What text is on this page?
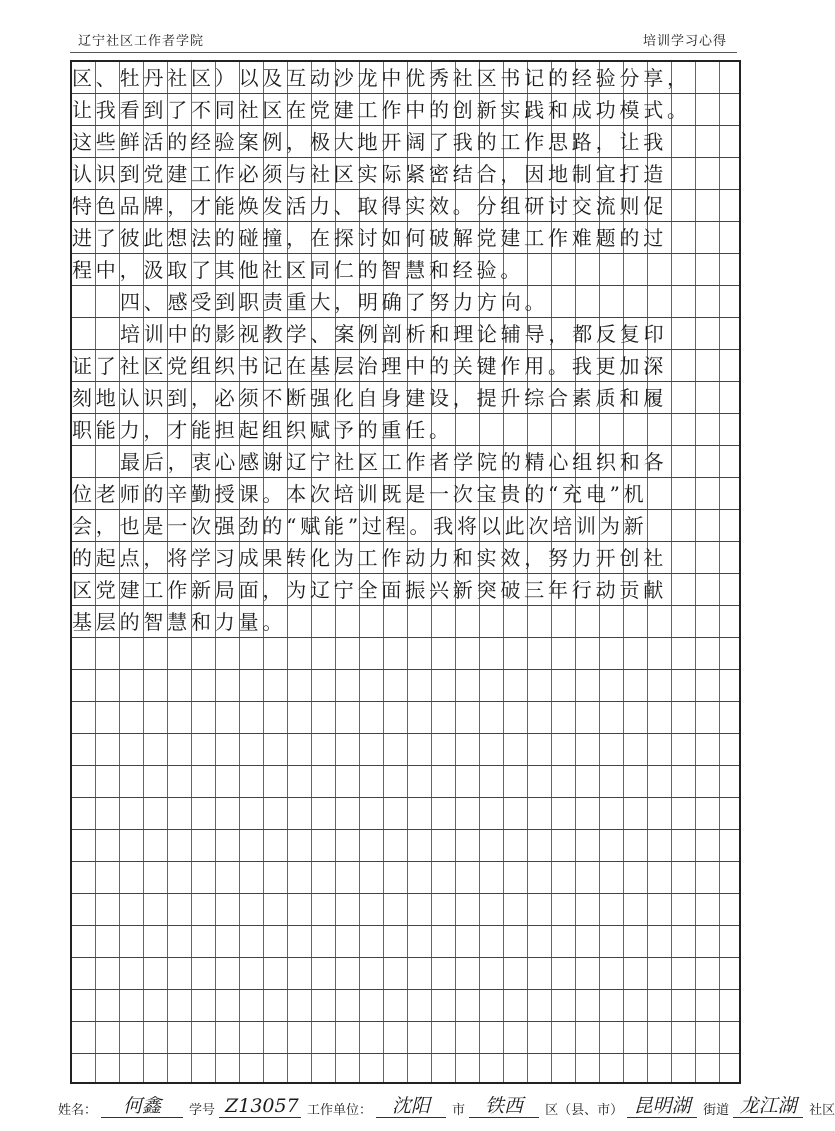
辽宁社区工作者学院	培训学习心得
区、牡丹社区）以及互动沙龙中优秀社区书记的经验分享，
让我看到了不同社区在党建工作中的创新实践和成功模式。
这些鲜活的经验案例，极大地开阔了我的工作思路，让我
认识到党建工作必须与社区实际紧密结合，因地制宜打造
特色品牌，才能焕发活力、取得实效。分组研讨交流则促
进了彼此想法的碰撞，在探讨如何破解党建工作难题的过
程中，汲取了其他社区同仁的智慧和经验。
四、感受到职责重大，明确了努力方向。
培训中的影视教学、案例剖析和理论辅导，都反复印
证了社区党组织书记在基层治理中的关键作用。我更加深
刻地认识到，必须不断强化自身建设，提升综合素质和履
职能力，才能担起组织赋予的重任。
最后，衷心感谢辽宁社区工作者学院的精心组织和各
位老师的辛勤授课。本次培训既是一次宝贵的“充电”机
会，也是一次强劲的“赋能”过程。我将以此次培训为新
的起点，将学习成果转化为工作动力和实效，努力开创社
区党建工作新局面，为辽宁全面振兴新突破三年行动贡献
基层的智慧和力量。
姓名：	何鑫	学号 Z13057 工作单位：	沈阳	市	铁西	区（县、市） 昆明湖 街道 龙江湖 社区
